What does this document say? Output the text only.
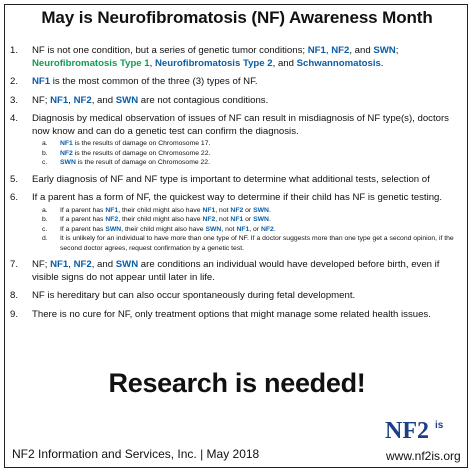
May is Neurofibromatosis (NF) Awareness Month
1. NF is not one condition, but a series of genetic tumor conditions; NF1, NF2, and SWN; Neurofibromatosis Type 1, Neurofibromatosis Type 2, and Schwannomatosis.
2. NF1 is the most common of the three (3) types of NF.
3. NF; NF1, NF2, and SWN are not contagious conditions.
4. Diagnosis by medical observation of issues of NF can result in misdiagnosis of NF type(s), doctors now know and can do a genetic test can confirm the diagnosis.
a. NF1 is the results of damage on Chromosome 17.
b. NF2 is the results of damage on Chromosome 22.
c. SWN is the result of damage on Chromosome 22.
5. Early diagnosis of NF and NF type is important to determine what additional tests, selection of
6. If a parent has a form of NF, the quickest way to determine if their child has NF is genetic testing.
a. If a parent has NF1, their child might also have NF1, not NF2 or SWN.
b. If a parent has NF2, their child might also have NF2, not NF1 or SWN.
c. If a parent has SWN, their child might also have SWN, not NF1, or NF2.
d. It is unlikely for an individual to have more than one type of NF. If a doctor suggests more than one type get a second opinion, if the second doctor agrees, request confirmation by a genetic test.
7. NF; NF1, NF2, and SWN are conditions an individual would have developed before birth, even if visible signs do not appear until later in life.
8. NF is hereditary but can also occur spontaneously during fetal development.
9. There is no cure for NF, only treatment options that might manage some related health issues.
Research is needed!
NF2 Information and Services, Inc. | May 2018
NF2 is
www.nf2is.org
